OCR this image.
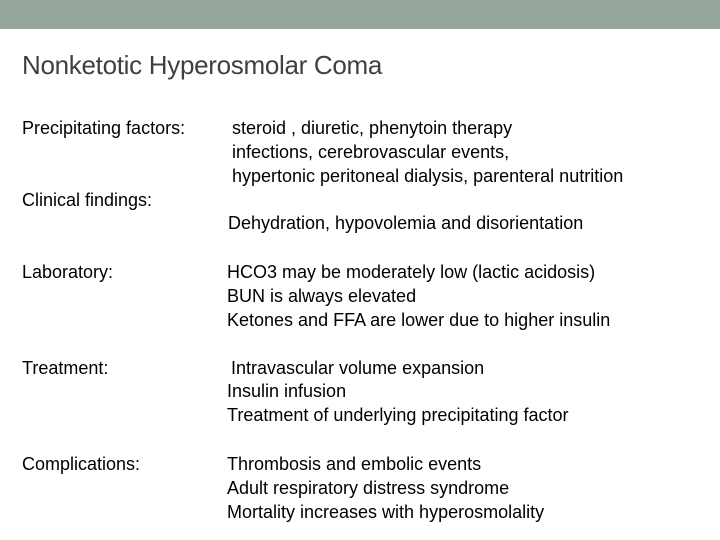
Nonketotic Hyperosmolar Coma
Precipitating factors:	steroid , diuretic, phenytoin therapy
infections, cerebrovascular events,
hypertonic peritoneal dialysis, parenteral nutrition
Clinical findings:
Dehydration, hypovolemia and disorientation
Laboratory:	HCO3 may be moderately low (lactic acidosis)
BUN is always elevated
Ketones and FFA are lower due to higher insulin
Treatment:	Intravascular volume expansion
Insulin infusion
Treatment of underlying precipitating factor
Complications:	Thrombosis and embolic events
Adult respiratory distress syndrome
Mortality increases with hyperosmolality
